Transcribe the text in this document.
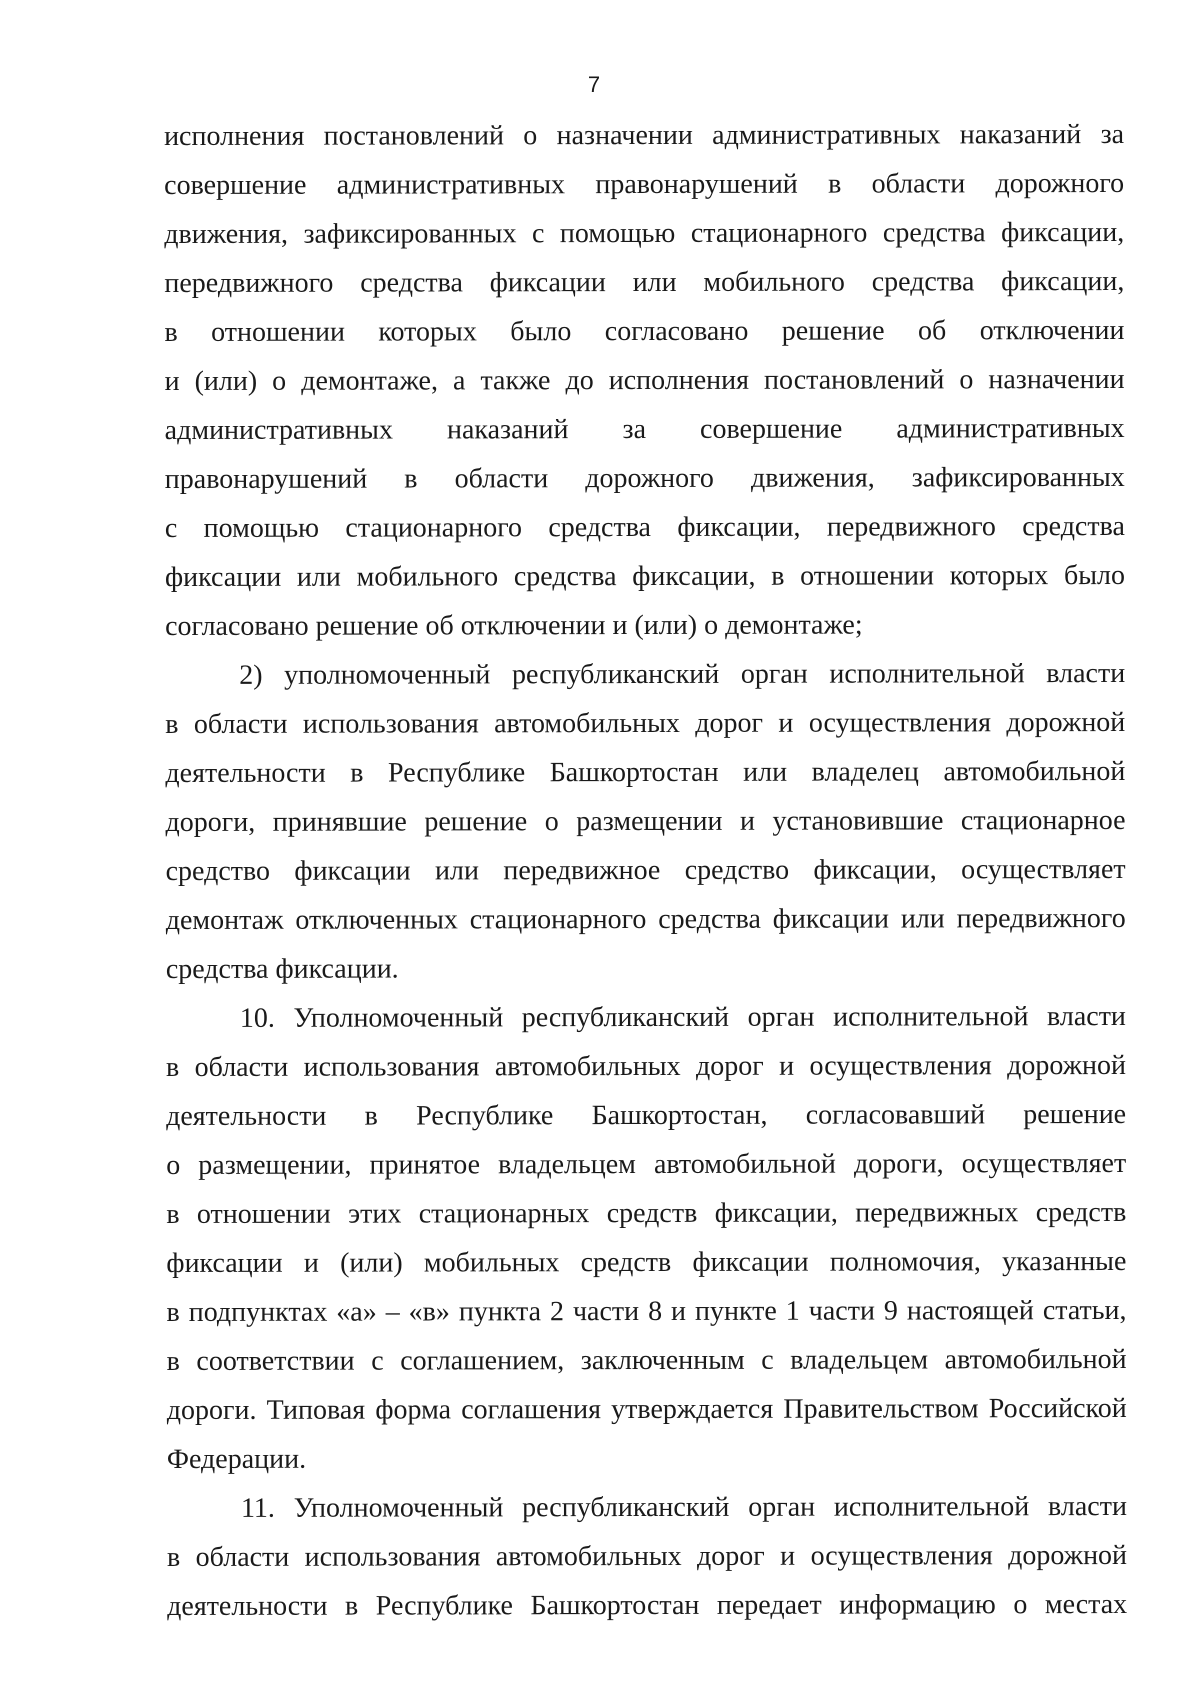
7
исполнения постановлений о назначении административных наказаний за
совершение административных правонарушений в области дорожного
движения, зафиксированных с помощью стационарного средства фиксации,
передвижного средства фиксации или мобильного средства фиксации,
в отношении которых было согласовано решение об отключении
и (или) о демонтаже, а также до исполнения постановлений о назначении
административных наказаний за совершение административных
правонарушений в области дорожного движения, зафиксированных
с помощью стационарного средства фиксации, передвижного средства
фиксации или мобильного средства фиксации, в отношении которых было
согласовано решение об отключении и (или) о демонтаже;
2) уполномоченный республиканский орган исполнительной власти
в области использования автомобильных дорог и осуществления дорожной
деятельности в Республике Башкортостан или владелец автомобильной
дороги, принявшие решение о размещении и установившие стационарное
средство фиксации или передвижное средство фиксации, осуществляет
демонтаж отключенных стационарного средства фиксации или передвижного
средства фиксации.
10. Уполномоченный республиканский орган исполнительной власти
в области использования автомобильных дорог и осуществления дорожной
деятельности в Республике Башкортостан, согласовавший решение
о размещении, принятое владельцем автомобильной дороги, осуществляет
в отношении этих стационарных средств фиксации, передвижных средств
фиксации и (или) мобильных средств фиксации полномочия, указанные
в подпунктах «а» – «в» пункта 2 части 8 и пункте 1 части 9 настоящей статьи,
в соответствии с соглашением, заключенным с владельцем автомобильной
дороги. Типовая форма соглашения утверждается Правительством Российской
Федерации.
11. Уполномоченный республиканский орган исполнительной власти
в области использования автомобильных дорог и осуществления дорожной
деятельности в Республике Башкортостан передает информацию о местах
